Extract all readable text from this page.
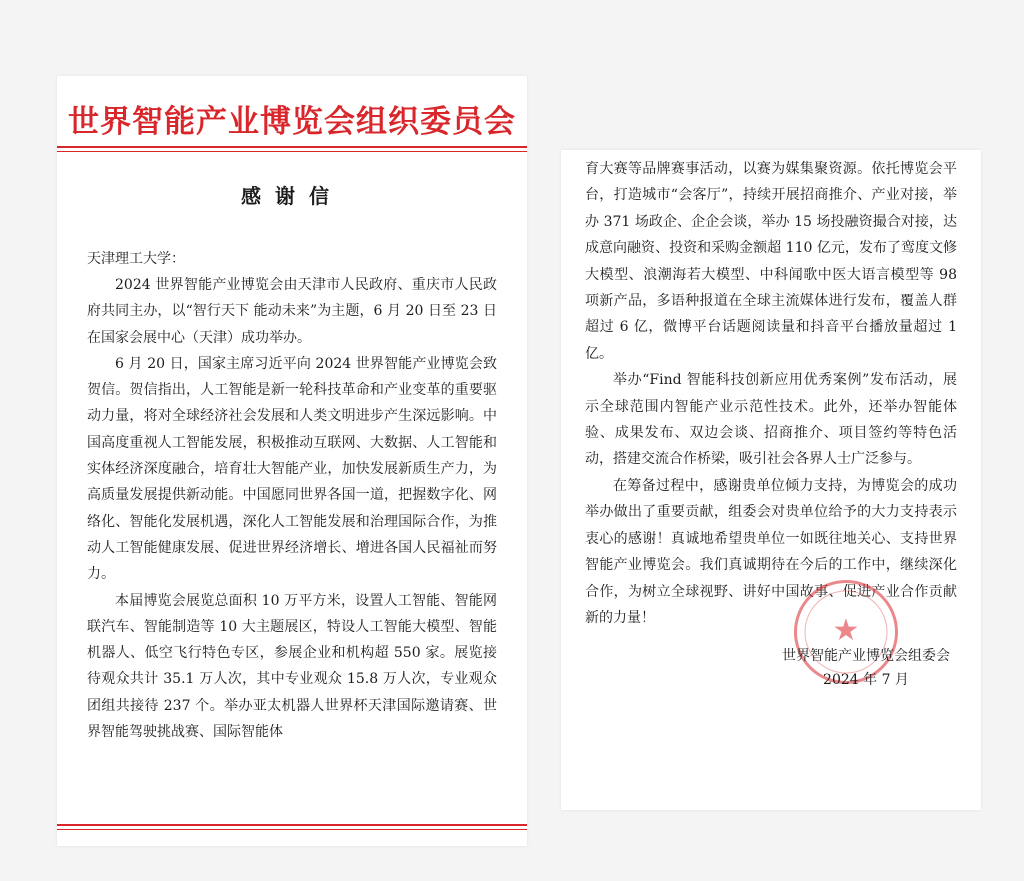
世界智能产业博览会组织委员会
感谢信
天津理工大学：

2024 世界智能产业博览会由天津市人民政府、重庆市人民政府共同主办，以“智行天下 能动未来”为主题，6 月 20 日至 23 日在国家会展中心（天津）成功举办。

6 月 20 日，国家主席习近平向 2024 世界智能产业博览会致贺信。贺信指出，人工智能是新一轮科技革命和产业变革的重要驱动力量，将对全球经济社会发展和人类文明进步产生深远影响。中国高度重视人工智能发展，积极推动互联网、大数据、人工智能和实体经济深度融合，培育壮大智能产业，加快发展新质生产力，为高质量发展提供新动能。中国愿同世界各国一道，把握数字化、网络化、智能化发展机遇，深化人工智能发展和治理国际合作，为推动人工智能健康发展、促进世界经济增长、增进各国人民福祉而努力。

本届博览会展览总面积 10 万平方米，设置人工智能、智能网联汽车、智能制造等 10 大主题展区，特设人工智能大模型、智能机器人、低空飞行特色专区，参展企业和机构超 550 家。展览接待观众共计 35.1 万人次，其中专业观众 15.8 万人次，专业观众团组共接待 237 个。举办亚太机器人世界杯天津国际邀请赛、世界智能驾驶挑战赛、国际智能体

育大赛等品牌赛事活动，以赛为媒集聚资源。依托博览会平台，打造城市“会客厅”，持续开展招商推介、产业对接，举办 371 场政企、企企会谈，举办 15 场投融资撮合对接，达成意向融资、投资和采购金额超 110 亿元，发布了鸾度文修大模型、浪潮海若大模型、中科闻歌中医大语言模型等 98 项新产品，多语种报道在全球主流媒体进行发布，覆盖人群超过 6 亿，微博平台话题阅读量和抖音平台播放量超过 1 亿。

举办“Find 智能科技创新应用优秀案例”发布活动，展示全球范围内智能产业示范性技术。此外，还举办智能体验、成果发布、双边会谈、招商推介、项目签约等特色活动，搭建交流合作桥梁，吸引社会各界人士广泛参与。

在筹备过程中，感谢贵单位倾力支持，为博览会的成功举办做出了重要贡献，组委会对贵单位给予的大力支持表示衷心的感谢！真诚地希望贵单位一如既往地关心、支持世界智能产业博览会。我们真诚期待在今后的工作中，继续深化合作，为树立全球视野、讲好中国故事、促进产业合作贡献新的力量！	★
世界智能产业博览会组委会
2024 年 7 月
